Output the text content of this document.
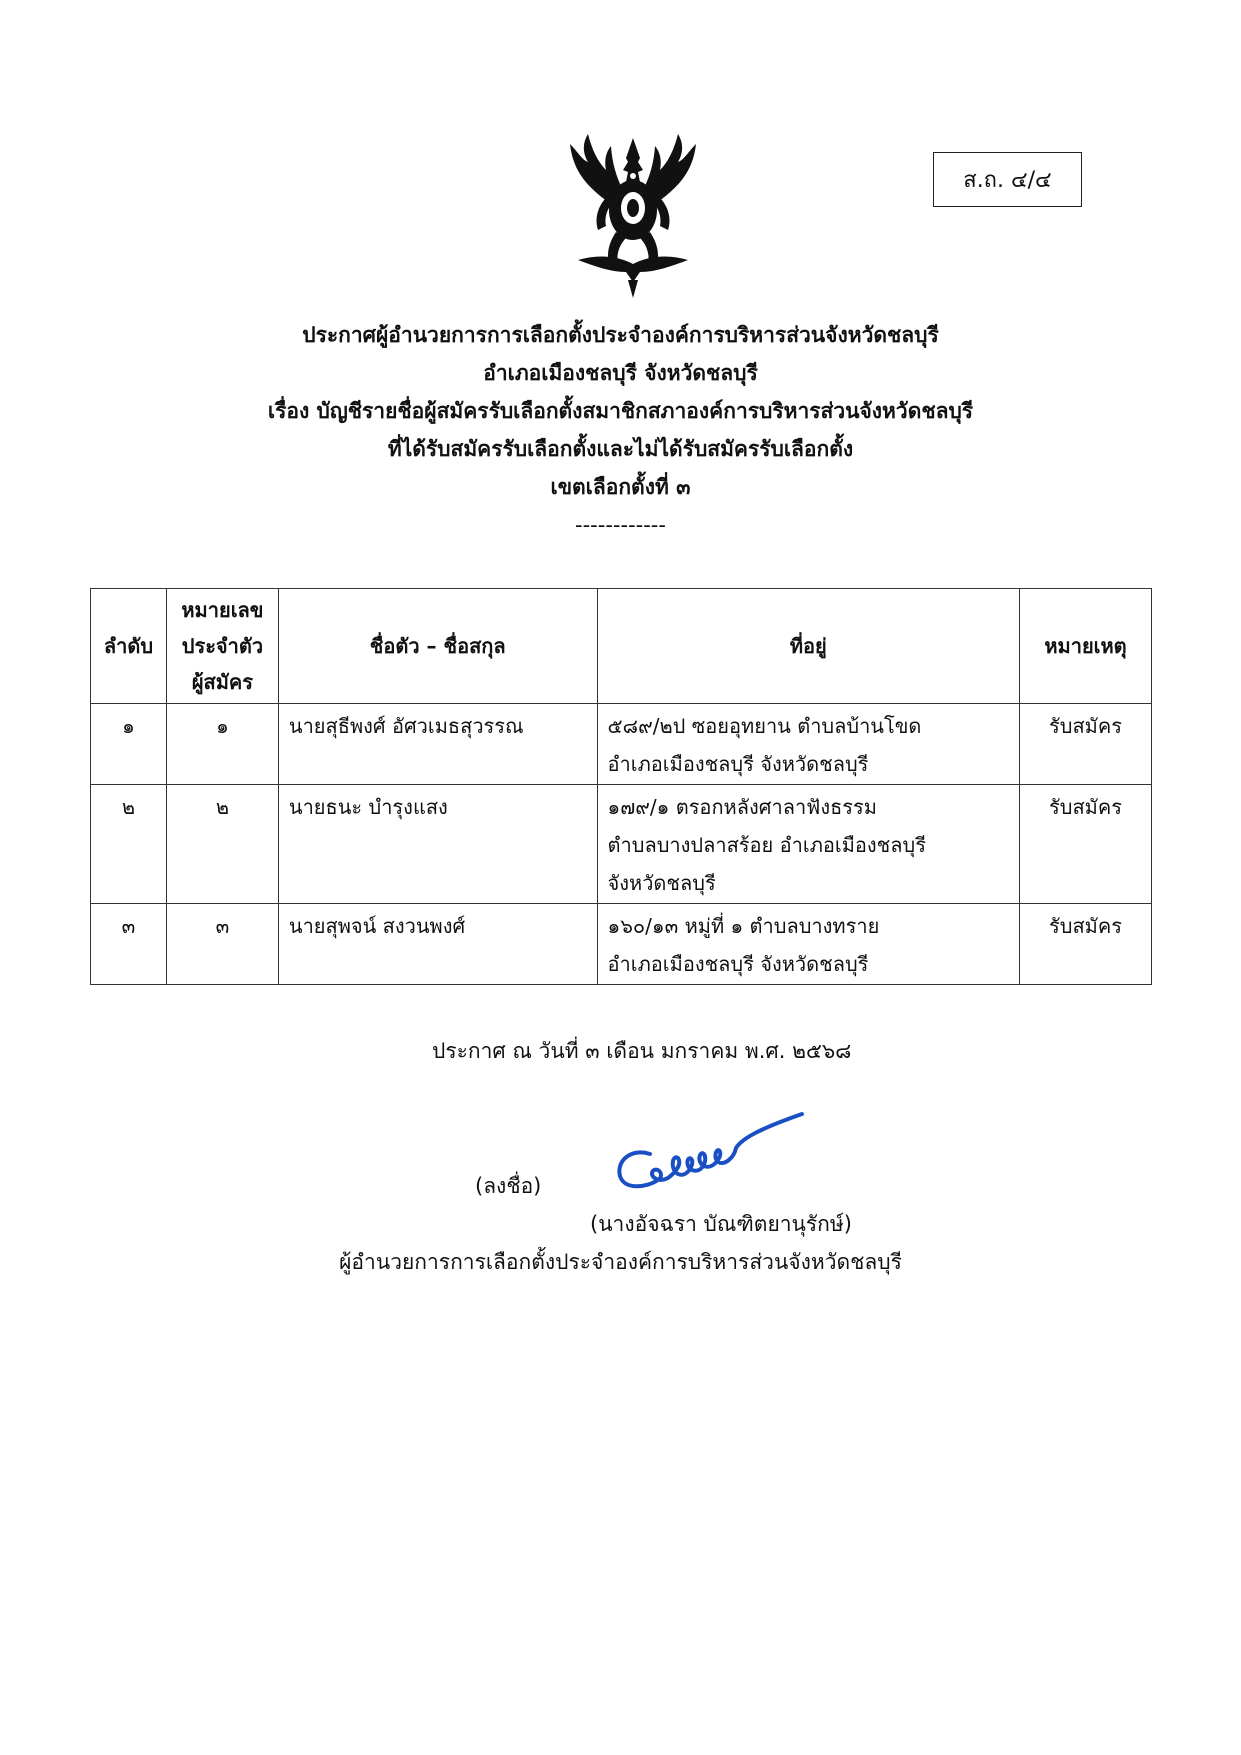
ส.ถ. ๔/๔
ประกาศผู้อำนวยการการเลือกตั้งประจำองค์การบริหารส่วนจังหวัดชลบุรี
อำเภอเมืองชลบุรี จังหวัดชลบุรี
เรื่อง บัญชีรายชื่อผู้สมัครรับเลือกตั้งสมาชิกสภาองค์การบริหารส่วนจังหวัดชลบุรี
ที่ได้รับสมัครรับเลือกตั้งและไม่ได้รับสมัครรับเลือกตั้ง
เขตเลือกตั้งที่ ๓
------------
ลำดับ	หมายเลข
ประจำตัว
ผู้สมัคร	ชื่อตัว – ชื่อสกุล	ที่อยู่	หมายเหตุ
๑	๑	นายสุธีพงศ์ อัศวเมธสุวรรณ	๕๘๙/๒ป ซอยอุทยาน ตำบลบ้านโขด
อำเภอเมืองชลบุรี จังหวัดชลบุรี	รับสมัคร
๒	๒	นายธนะ บำรุงแสง	๑๗๙/๑ ตรอกหลังศาลาฟังธรรม
ตำบลบางปลาสร้อย อำเภอเมืองชลบุรี
จังหวัดชลบุรี	รับสมัคร
๓	๓	นายสุพจน์ สงวนพงศ์	๑๖๐/๑๓ หมู่ที่ ๑ ตำบลบางทราย
อำเภอเมืองชลบุรี จังหวัดชลบุรี	รับสมัคร
ประกาศ ณ วันที่ ๓ เดือน มกราคม พ.ศ. ๒๕๖๘
(ลงชื่อ)
(นางอัจฉรา บัณฑิตยานุรักษ์)
ผู้อำนวยการการเลือกตั้งประจำองค์การบริหารส่วนจังหวัดชลบุรี
